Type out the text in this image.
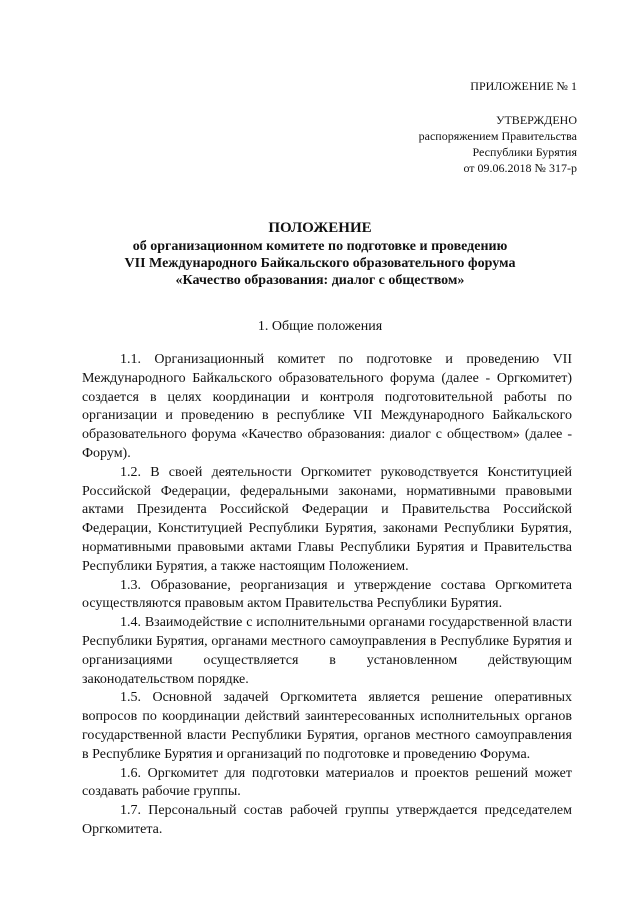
ПРИЛОЖЕНИЕ № 1
УТВЕРЖДЕНО
распоряжением Правительства
Республики Бурятия
от 09.06.2018 № 317-р
ПОЛОЖЕНИЕ
об организационном комитете по подготовке и проведению
VII Международного Байкальского образовательного форума
«Качество образования: диалог с обществом»
1. Общие положения

1.1. Организационный комитет по подготовке и проведению VII Международного Байкальского образовательного форума (далее - Оргкомитет) создается в целях координации и контроля подготовительной работы по организации и проведению в республике VII Международного Байкальского образовательного форума «Качество образования: диалог с обществом» (далее - Форум).

1.2. В своей деятельности Оргкомитет руководствуется Конституцией Российской Федерации, федеральными законами, нормативными правовыми актами Президента Российской Федерации и Правительства Российской Федерации, Конституцией Республики Бурятия, законами Республики Бурятия, нормативными правовыми актами Главы Республики Бурятия и Правительства Республики Бурятия, а также настоящим Положением.

1.3. Образование, реорганизация и утверждение состава Оргкомитета осуществляются правовым актом Правительства Республики Бурятия.

1.4. Взаимодействие с исполнительными органами государственной власти Республики Бурятия, органами местного самоуправления в Республике Бурятия и организациями осуществляется в установленном действующим законодательством порядке.

1.5. Основной задачей Оргкомитета является решение оперативных вопросов по координации действий заинтересованных исполнительных органов государственной власти Республики Бурятия, органов местного самоуправления в Республике Бурятия и организаций по подготовке и проведению Форума.

1.6. Оргкомитет для подготовки материалов и проектов решений может создавать рабочие группы.

1.7. Персональный состав рабочей группы утверждается председателем Оргкомитета.
